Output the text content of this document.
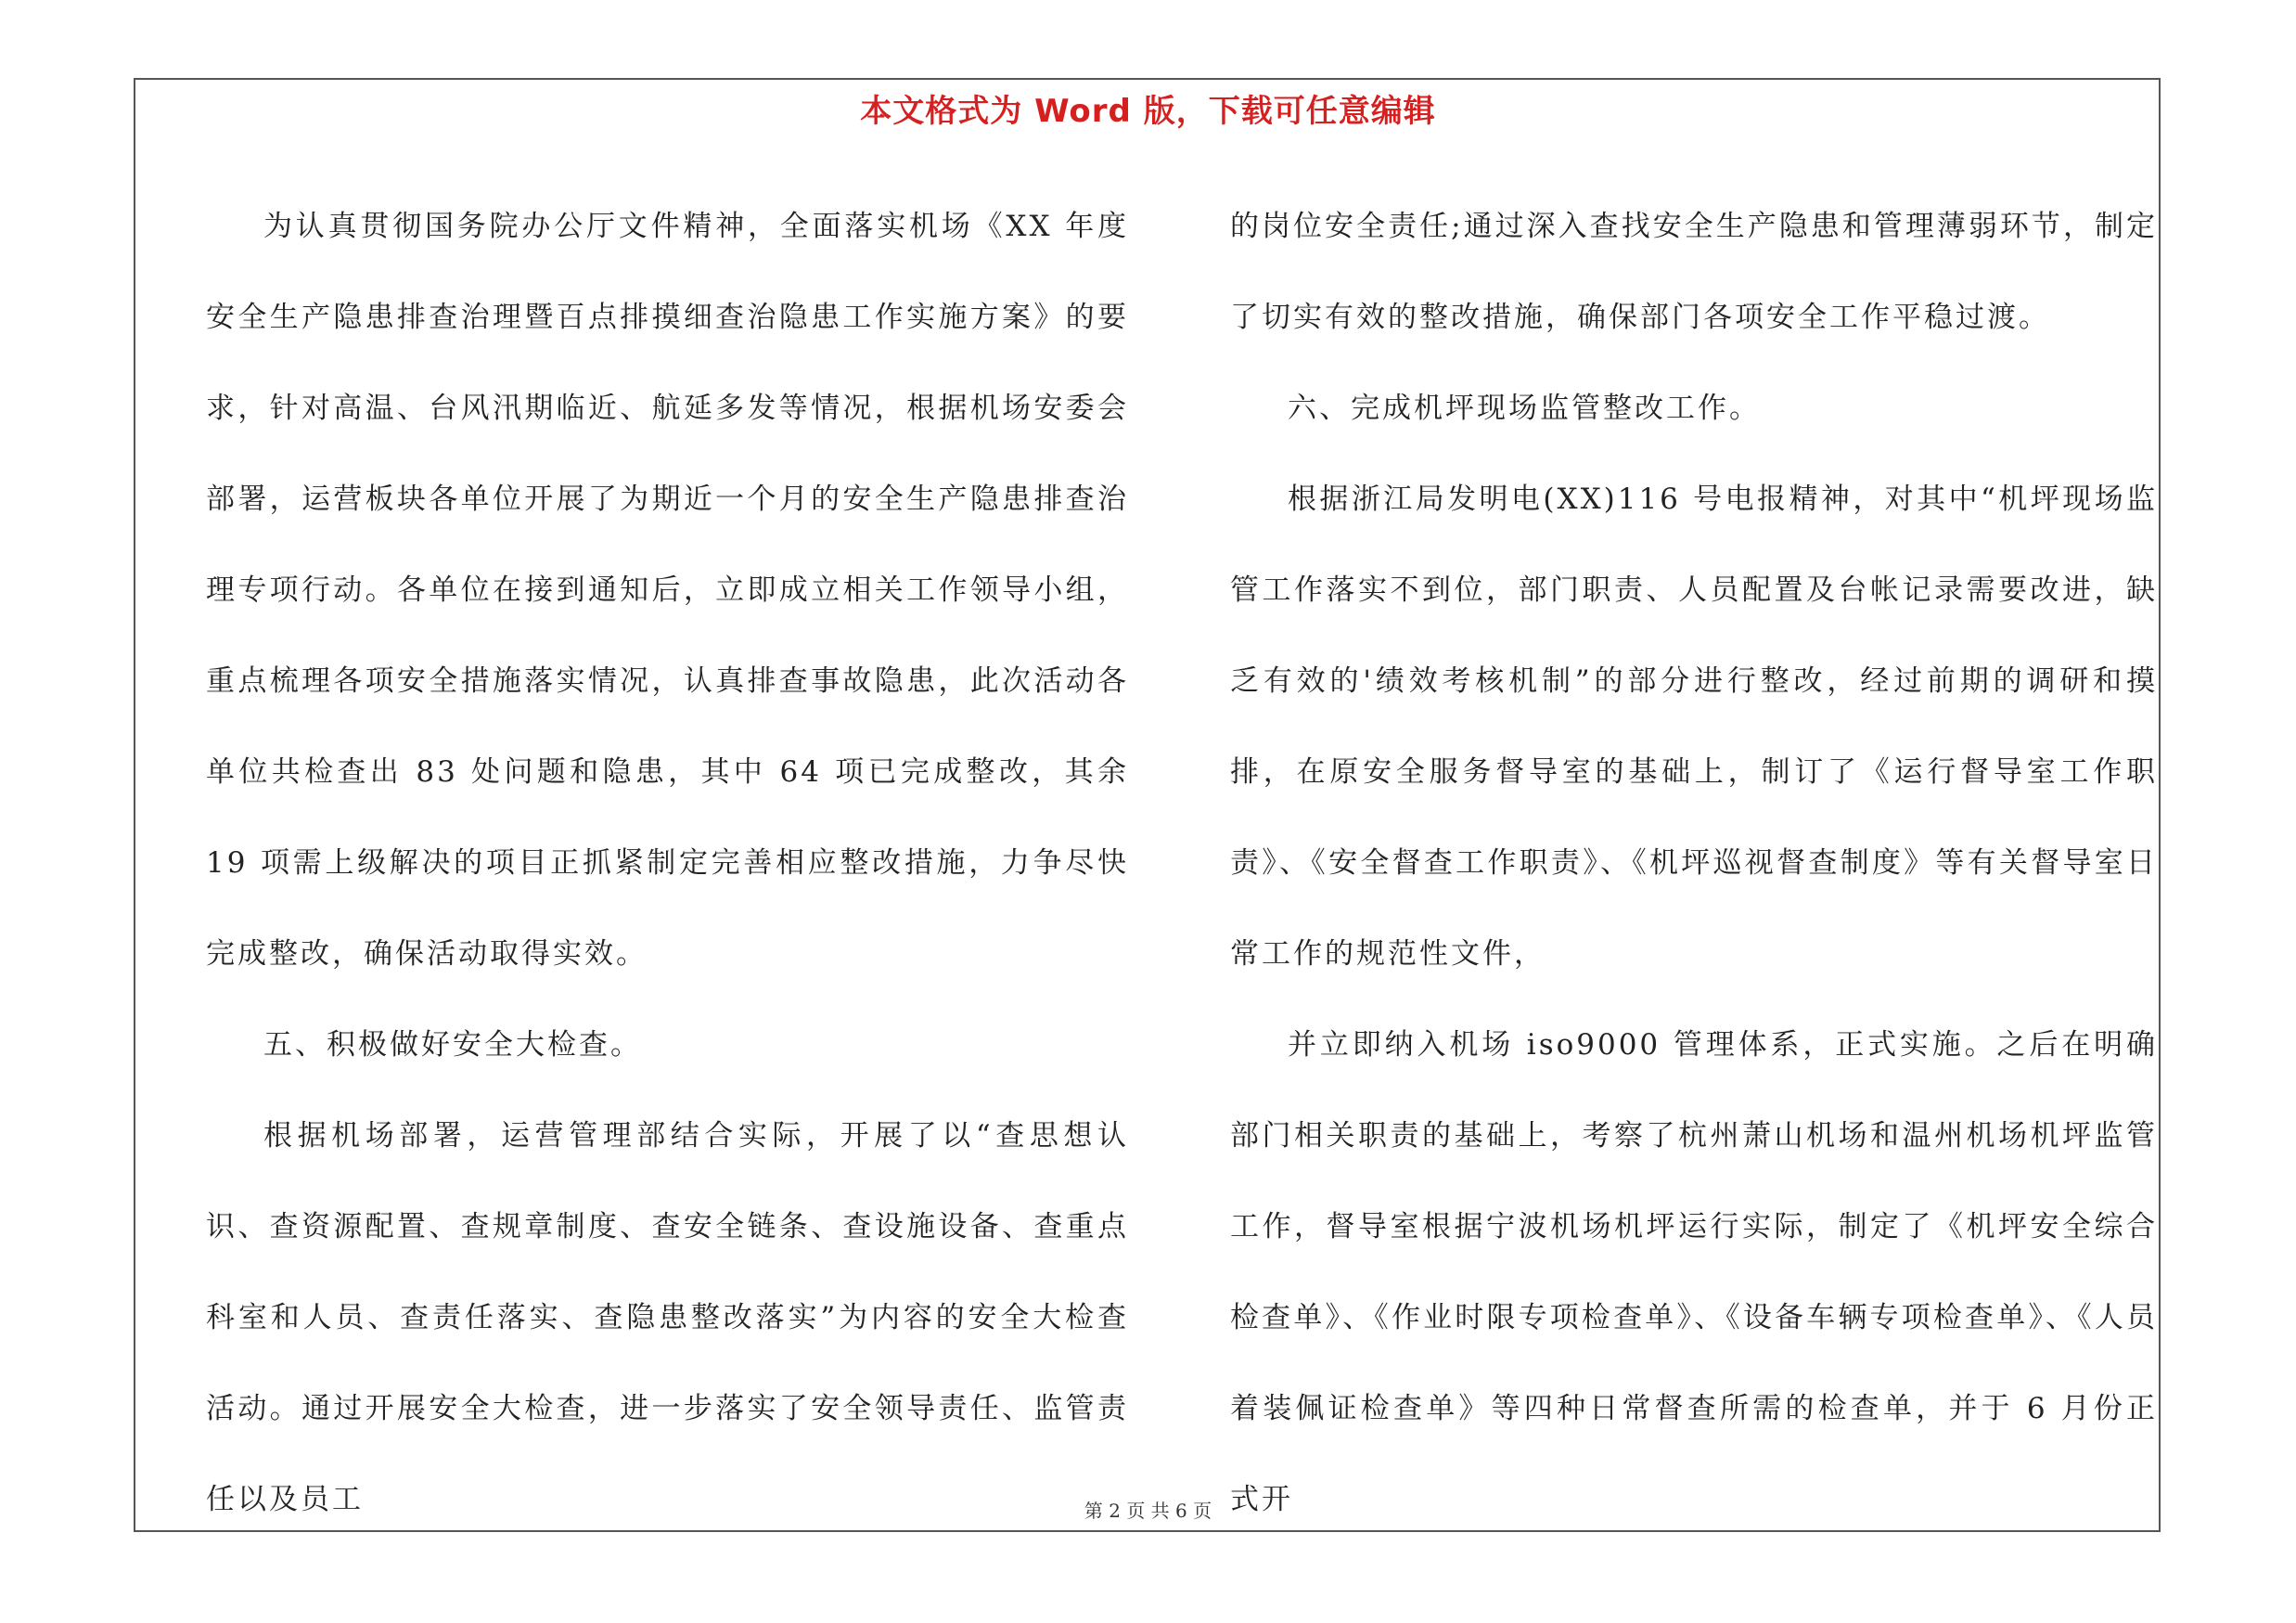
本文格式为 Word 版，下载可任意编辑

为认真贯彻国务院办公厅文件精神，全面落实机场《XX 年度安全生产隐患排查治理暨百点排摸细查治隐患工作实施方案》的要求，针对高温、台风汛期临近、航延多发等情况，根据机场安委会部署，运营板块各单位开展了为期近一个月的安全生产隐患排查治理专项行动。各单位在接到通知后，立即成立相关工作领导小组，重点梳理各项安全措施落实情况，认真排查事故隐患，此次活动各单位共检查出 83 处问题和隐患，其中 64 项已完成整改，其余 19 项需上级解决的项目正抓紧制定完善相应整改措施，力争尽快完成整改，确保活动取得实效。

五、积极做好安全大检查。

根据机场部署，运营管理部结合实际，开展了以“查思想认识、查资源配置、查规章制度、查安全链条、查设施设备、查重点科室和人员、查责任落实、查隐患整改落实”为内容的安全大检查活动。通过开展安全大检查，进一步落实了安全领导责任、监管责任以及员工

的岗位安全责任;通过深入查找安全生产隐患和管理薄弱环节，制定了切实有效的整改措施，确保部门各项安全工作平稳过渡。

六、完成机坪现场监管整改工作。

根据浙江局发明电(XX)116 号电报精神，对其中“机坪现场监管工作落实不到位，部门职责、人员配置及台帐记录需要改进，缺乏有效的'绩效考核机制”的部分进行整改，经过前期的调研和摸排，在原安全服务督导室的基础上，制订了《运行督导室工作职责》、《安全督查工作职责》、《机坪巡视督查制度》等有关督导室日常工作的规范性文件，

并立即纳入机场 iso9000 管理体系，正式实施。之后在明确部门相关职责的基础上，考察了杭州萧山机场和温州机场机坪监管工作，督导室根据宁波机场机坪运行实际，制定了《机坪安全综合检查单》、《作业时限专项检查单》、《设备车辆专项检查单》、《人员着装佩证检查单》等四种日常督查所需的检查单，并于 6 月份正式开

第 2 页 共 6 页
